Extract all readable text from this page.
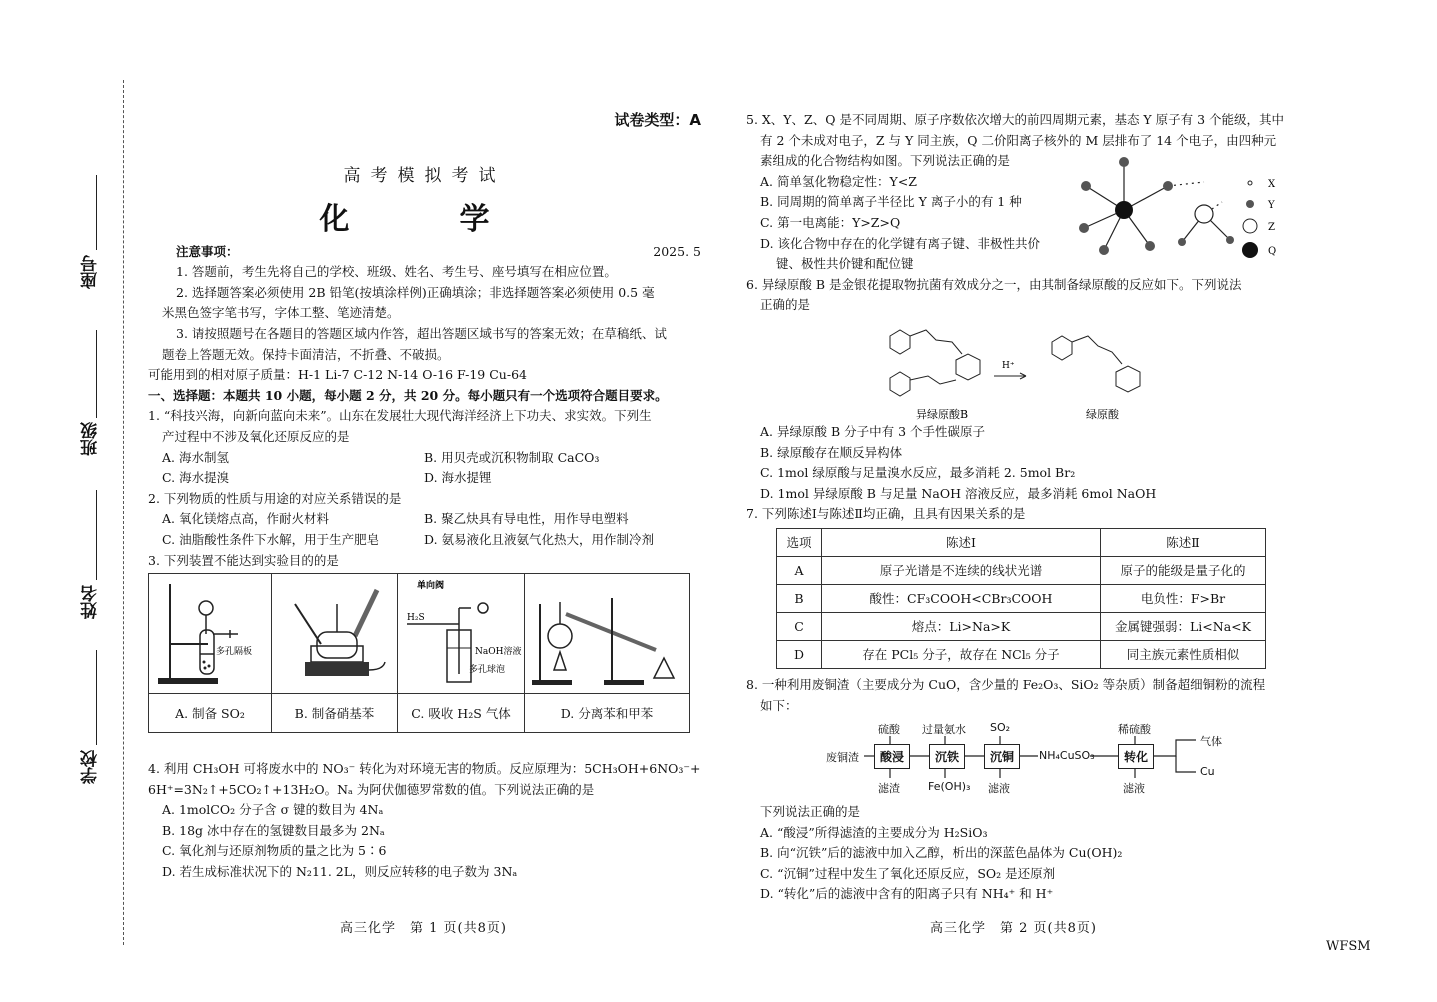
座号
班级
姓名
学校
试卷类型：A
高考模拟考试
化　学
注意事项：	2025. 5
1. 答题前，考生先将自己的学校、班级、姓名、考生号、座号填写在相应位置。
2. 选择题答案必须使用 2B 铅笔(按填涂样例)正确填涂；非选择题答案必须使用 0.5 毫
米黑色签字笔书写，字体工整、笔迹清楚。
3. 请按照题号在各题目的答题区域内作答，超出答题区域书写的答案无效；在草稿纸、试
题卷上答题无效。保持卡面清洁，不折叠、不破损。
可能用到的相对原子质量：H-1 Li-7 C-12 N-14 O-16 F-19 Cu-64
一、选择题：本题共 10 小题，每小题 2 分，共 20 分。每小题只有一个选项符合题目要求。
1. “科技兴海，向新向蓝向未来”。山东在发展壮大现代海洋经济上下功夫、求实效。下列生
产过程中不涉及氧化还原反应的是
A. 海水制氢	B. 用贝壳或沉积物制取 CaCO₃
C. 海水提溴	D. 海水提锂
2. 下列物质的性质与用途的对应关系错误的是
A. 氧化镁熔点高，作耐火材料	B. 聚乙炔具有导电性，用作导电塑料
C. 油脂酸性条件下水解，用于生产肥皂	D. 氨易液化且液氨气化热大，用作制冷剂
3. 下列装置不能达到实验目的的是
多孔隔板		单向阀
H₂S
NaOH溶液
多孔球泡

A. 制备 SO₂	B. 制备硝基苯	C. 吸收 H₂S 气体	D. 分离苯和甲苯
4. 利用 CH₃OH 可将废水中的 NO₃⁻ 转化为对环境无害的物质。反应原理为：5CH₃OH+6NO₃⁻+
6H⁺=3N₂↑+5CO₂↑+13H₂O。Nₐ 为阿伏伽德罗常数的值。下列说法正确的是
A. 1molCO₂ 分子含 σ 键的数目为 4Nₐ
B. 18g 冰中存在的氢键数目最多为 2Nₐ
C. 氧化剂与还原剂物质的量之比为 5∶6
D. 若生成标准状况下的 N₂11. 2L，则反应转移的电子数为 3Nₐ
高三化学　第 1 页(共8页)
5. X、Y、Z、Q 是不同周期、原子序数依次增大的前四周期元素，基态 Y 原子有 3 个能级，其中
有 2 个未成对电子，Z 与 Y 同主族，Q 二价阳离子核外的 M 层排布了 14 个电子，由四种元
素组成的化合物结构如图。下列说法正确的是
A. 简单氢化物稳定性：Y<Z
B. 同周期的简单离子半径比 Y 离子小的有 1 种
C. 第一电离能：Y>Z>Q
D. 该化合物中存在的化学键有离子键、非极性共价
键、极性共价键和配位键
X
Y
Z
Q
6. 异绿原酸 B 是金银花提取物抗菌有效成分之一，由其制备绿原酸的反应如下。下列说法
正确的是
H⁺
异绿原酸B	绿原酸
A. 异绿原酸 B 分子中有 3 个手性碳原子
B. 绿原酸存在顺反异构体
C. 1mol 绿原酸与足量溴水反应，最多消耗 2. 5mol Br₂
D. 1mol 异绿原酸 B 与足量 NaOH 溶液反应，最多消耗 6mol NaOH
7. 下列陈述Ⅰ与陈述Ⅱ均正确，且具有因果关系的是
选项	陈述Ⅰ	陈述Ⅱ
A	原子光谱是不连续的线状光谱	原子的能级是量子化的
B	酸性：CF₃COOH<CBr₃COOH	电负性：F>Br
C	熔点：Li>Na>K	金属键强弱：Li<Na<K
D	存在 PCl₅ 分子，故存在 NCl₅ 分子	同主族元素性质相似
8. 一种利用废铜渣（主要成分为 CuO，含少量的 Fe₂O₃、SiO₂ 等杂质）制备超细铜粉的流程
如下：
废铜渣	酸浸	沉铁	沉铜	转化
硫酸 过量氨水 SO₂	稀硫酸
滤渣	Fe(OH)₃ 滤液	滤液
NH₄CuSO₃
气体
Cu
下列说法正确的是
A. “酸浸”所得滤渣的主要成分为 H₂SiO₃
B. 向“沉铁”后的滤液中加入乙醇，析出的深蓝色晶体为 Cu(OH)₂
C. “沉铜”过程中发生了氧化还原反应，SO₂ 是还原剂
D. “转化”后的滤液中含有的阳离子只有 NH₄⁺ 和 H⁺
高三化学　第 2 页(共8页)
WFSM
